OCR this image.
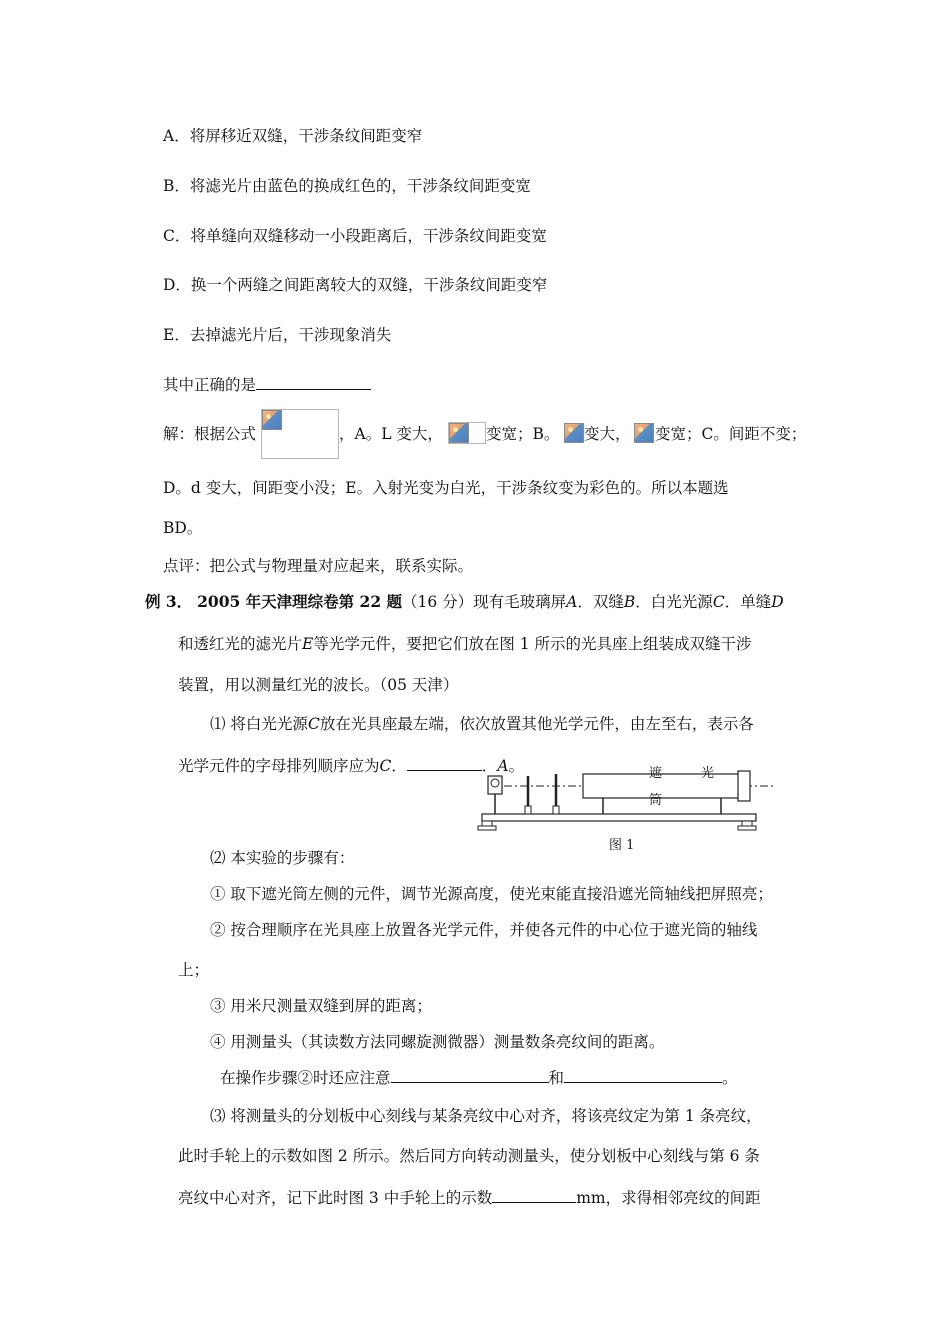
A．将屏移近双缝，干涉条纹间距变窄
B．将滤光片由蓝色的换成红色的，干涉条纹间距变宽
C．将单缝向双缝移动一小段距离后，干涉条纹间距变宽
D．换一个两缝之间距离较大的双缝，干涉条纹间距变窄
E．去掉滤光片后，干涉现象消失
其中正确的是
解：根据公式	，A。L 变大，	变宽；B。 变大， 变宽；C。间距不变；
D。d 变大，间距变小没；E。入射光变为白光，干涉条纹变为彩色的。所以本题选
BD。
点评：把公式与物理量对应起来，联系实际。
例 3． 2005 年天津理综卷第 22 题（16 分）现有毛玻璃屏A．双缝B．白光光源C．单缝D
和透红光的滤光片E等光学元件，要把它们放在图 1 所示的光具座上组装成双缝干涉
装置，用以测量红光的波长。（05 天津）
⑴ 将白光光源C放在光具座最左端，依次放置其他光学元件，由左至右，表示各
光学元件的字母排列顺序应为C．	．A。	遮	光
筒
图 1
⑵ 本实验的步骤有：
① 取下遮光筒左侧的元件，调节光源高度，使光束能直接沿遮光筒轴线把屏照亮；
② 按合理顺序在光具座上放置各光学元件，并使各元件的中心位于遮光筒的轴线
上；
③ 用米尺测量双缝到屏的距离；
④ 用测量头（其读数方法同螺旋测微器）测量数条亮纹间的距离。
在操作步骤②时还应注意	和	。
⑶ 将测量头的分划板中心刻线与某条亮纹中心对齐，将该亮纹定为第 1 条亮纹，
此时手轮上的示数如图 2 所示。然后同方向转动测量头，使分划板中心刻线与第 6 条
亮纹中心对齐，记下此时图 3 中手轮上的示数	mm，求得相邻亮纹的间距
